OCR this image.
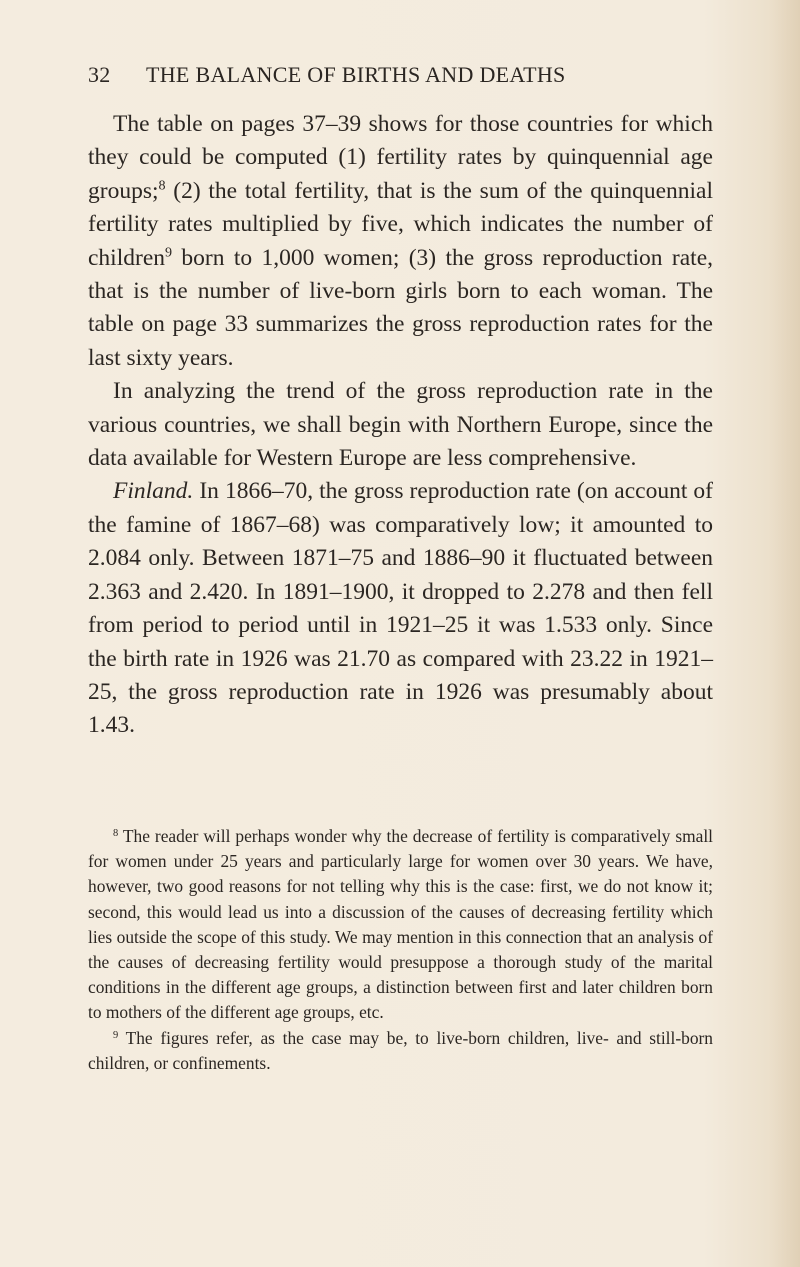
32 THE BALANCE OF BIRTHS AND DEATHS

The table on pages 37–39 shows for those countries for which they could be computed (1) fertility rates by quinquennial age groups;$^8$ (2) the total fertility, that is the sum of the quinquennial fertility rates multiplied by five, which indicates the number of children$^9$ born to 1,000 women; (3) the gross reproduction rate, that is the number of live-born girls born to each woman. The table on page 33 summarizes the gross reproduction rates for the last sixty years.

In analyzing the trend of the gross reproduction rate in the various countries, we shall begin with Northern Europe, since the data available for Western Europe are less comprehensive.

Finland. In 1866–70, the gross reproduction rate (on account of the famine of 1867–68) was comparatively low; it amounted to 2.084 only. Between 1871–75 and 1886–90 it fluctuated between 2.363 and 2.420. In 1891–1900, it dropped to 2.278 and then fell from period to period until in 1921–25 it was 1.533 only. Since the birth rate in 1926 was 21.70 as compared with 23.22 in 1921–25, the gross reproduction rate in 1926 was presumably about 1.43.

$^8$ The reader will perhaps wonder why the decrease of fertility is comparatively small for women under 25 years and particularly large for women over 30 years. We have, however, two good reasons for not telling why this is the case: first, we do not know it; second, this would lead us into a discussion of the causes of decreasing fertility which lies outside the scope of this study. We may mention in this connection that an analysis of the causes of decreasing fertility would presuppose a thorough study of the marital conditions in the different age groups, a distinction between first and later children born to mothers of the different age groups, etc.

$^9$ The figures refer, as the case may be, to live-born children, live- and still-born children, or confinements.
